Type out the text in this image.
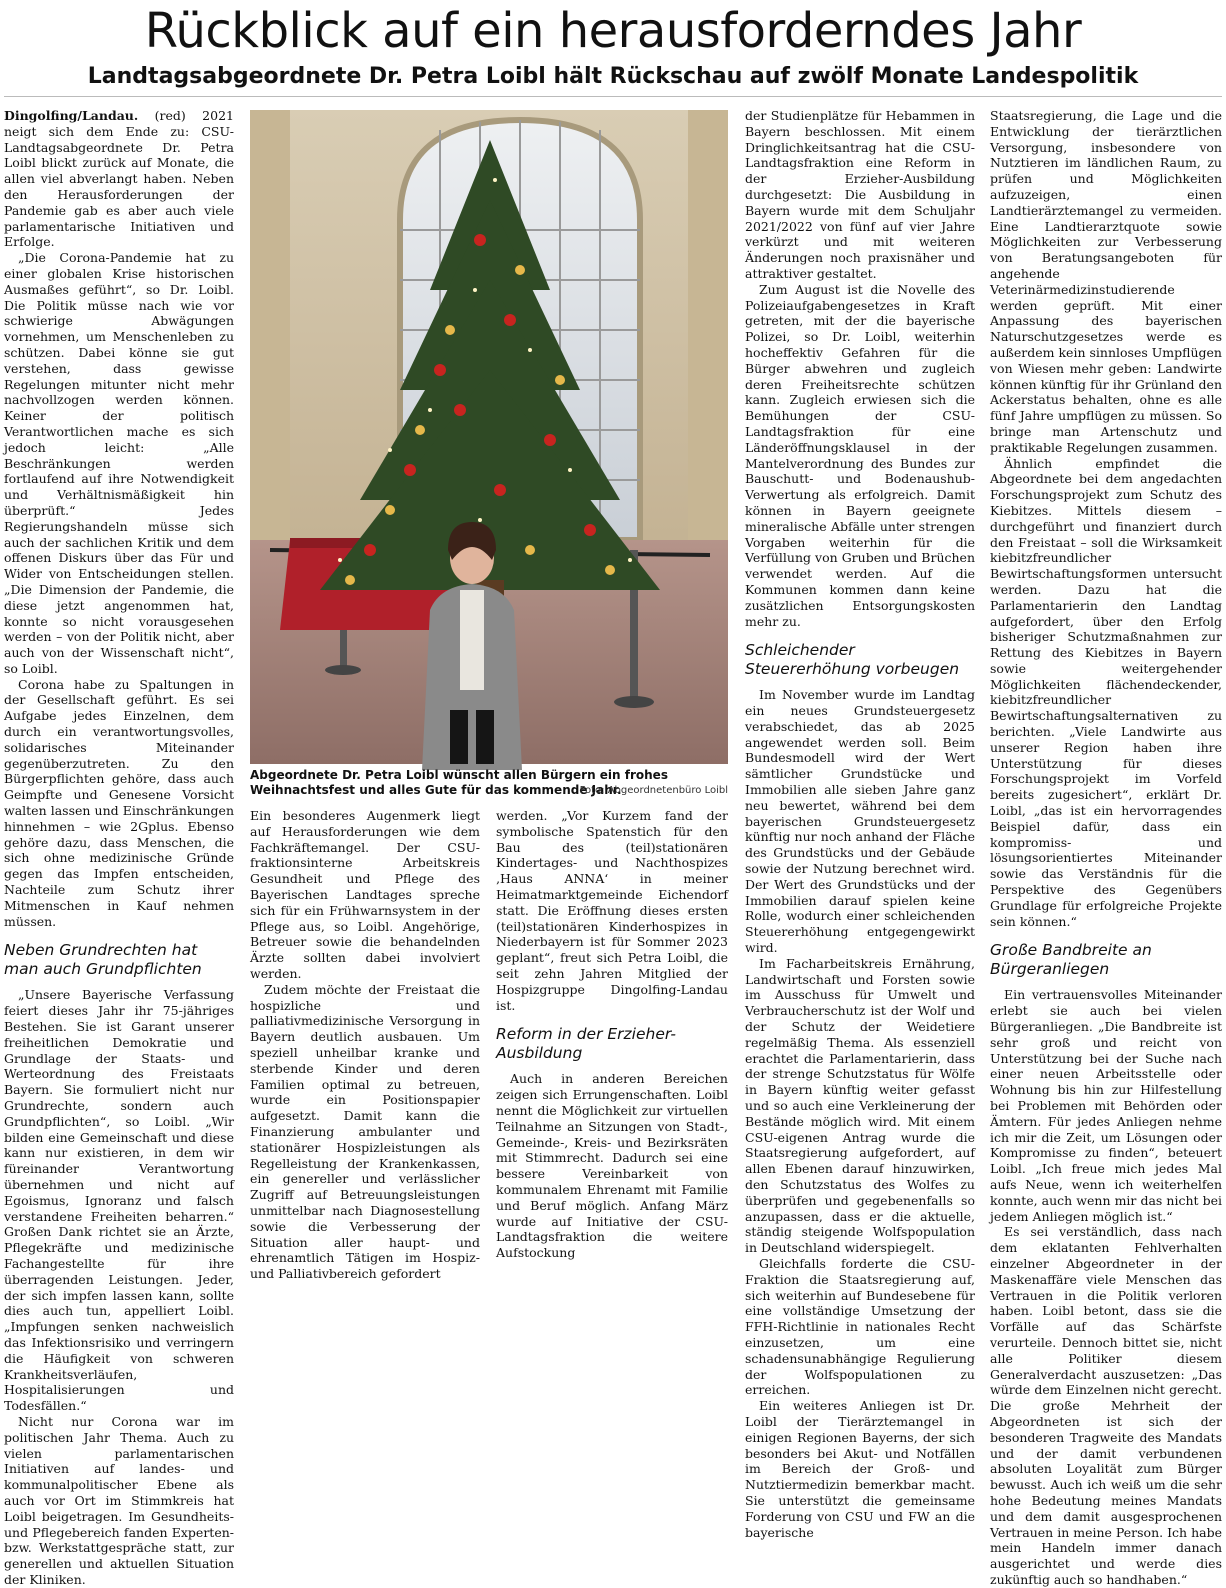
Rückblick auf ein herausforderndes Jahr
Landtagsabgeordnete Dr. Petra Loibl hält Rückschau auf zwölf Monate Landespolitik

Dingolfing/Landau. (red) 2021 neigt sich dem Ende zu: CSU-Landtagsabgeordnete Dr. Petra Loibl blickt zurück auf Monate, die allen viel abverlangt haben. Neben den Herausforderungen der Pandemie gab es aber auch viele parlamentarische Initiativen und Erfolge.

„Die Corona-Pandemie hat zu einer globalen Krise historischen Ausmaßes geführt“, so Dr. Loibl. Die Politik müsse nach wie vor schwierige Abwägungen vornehmen, um Menschenleben zu schützen. Dabei könne sie gut verstehen, dass gewisse Regelungen mitunter nicht mehr nachvollzogen werden können. Keiner der politisch Verantwortlichen mache es sich jedoch leicht: „Alle Beschränkungen werden fortlaufend auf ihre Notwendigkeit und Verhältnismäßigkeit hin überprüft.“ Jedes Regierungshandeln müsse sich auch der sachlichen Kritik und dem offenen Diskurs über das Für und Wider von Entscheidungen stellen. „Die Dimension der Pandemie, die diese jetzt angenommen hat, konnte so nicht vorausgesehen werden – von der Politik nicht, aber auch von der Wissenschaft nicht“, so Loibl.

Corona habe zu Spaltungen in der Gesellschaft geführt. Es sei Aufgabe jedes Einzelnen, dem durch ein verantwortungsvolles, solidarisches Miteinander gegenüberzutreten. Zu den Bürgerpflichten gehöre, dass auch Geimpfte und Genesene Vorsicht walten lassen und Einschränkungen hinnehmen – wie 2Gplus. Ebenso gehöre dazu, dass Menschen, die sich ohne medizinische Gründe gegen das Impfen entscheiden, Nachteile zum Schutz ihrer Mitmenschen in Kauf nehmen müssen.

Neben Grundrechten hat man auch Grundpflichten

„Unsere Bayerische Verfassung feiert dieses Jahr ihr 75-jähriges Bestehen. Sie ist Garant unserer freiheitlichen Demokratie und Grundlage der Staats- und Werteordnung des Freistaats Bayern. Sie formuliert nicht nur Grundrechte, sondern auch Grundpflichten“, so Loibl. „Wir bilden eine Gemeinschaft und diese kann nur existieren, in dem wir füreinander Verantwortung übernehmen und nicht auf Egoismus, Ignoranz und falsch verstandene Freiheiten beharren.“ Großen Dank richtet sie an Ärzte, Pflegekräfte und medizinische Fachangestellte für ihre überragenden Leistungen. Jeder, der sich impfen lassen kann, sollte dies auch tun, appelliert Loibl. „Impfungen senken nachweislich das Infektionsrisiko und verringern die Häufigkeit von schweren Krankheitsverläufen, Hospitalisierungen und Todesfällen.“

Nicht nur Corona war im politischen Jahr Thema. Auch zu vielen parlamentarischen Initiativen auf landes- und kommunalpolitischer Ebene als auch vor Ort im Stimmkreis hat Loibl beigetragen. Im Gesundheits- und Pflegebereich fanden Experten- bzw. Werkstattgespräche statt, zur generellen und aktuellen Situation der Kliniken.

Abgeordnete Dr. Petra Loibl wünscht allen Bürgern ein frohes Weihnachtsfest und alles Gute für das kommende Jahr.
Foto: Abgeordnetenbüro Loibl

Ein besonderes Augenmerk liegt auf Herausforderungen wie dem Fachkräftemangel. Der CSU-fraktionsinterne Arbeitskreis Gesundheit und Pflege des Bayerischen Landtages spreche sich für ein Frühwarnsystem in der Pflege aus, so Loibl. Angehörige, Betreuer sowie die behandelnden Ärzte sollten dabei involviert werden.

Zudem möchte der Freistaat die hospizliche und palliativmedizinische Versorgung in Bayern deutlich ausbauen. Um speziell unheilbar kranke und sterbende Kinder und deren Familien optimal zu betreuen, wurde ein Positionspapier aufgesetzt. Damit kann die Finanzierung ambulanter und stationärer Hospizleistungen als Regelleistung der Krankenkassen, ein genereller und verlässlicher Zugriff auf Betreuungsleistungen unmittelbar nach Diagnosestellung sowie die Verbesserung der Situation aller haupt- und ehrenamtlich Tätigen im Hospiz- und Palliativbereich gefordert

werden. „Vor Kurzem fand der symbolische Spatenstich für den Bau des (teil)stationären Kindertages- und Nachthospizes ‚Haus ANNA‘ in meiner Heimatmarktgemeinde Eichendorf statt. Die Eröffnung dieses ersten (teil)stationären Kinderhospizes in Niederbayern ist für Sommer 2023 geplant“, freut sich Petra Loibl, die seit zehn Jahren Mitglied der Hospizgruppe Dingolfing-Landau ist.

Reform in der Erzieher-Ausbildung

Auch in anderen Bereichen zeigen sich Errungenschaften. Loibl nennt die Möglichkeit zur virtuellen Teilnahme an Sitzungen von Stadt-, Gemeinde-, Kreis- und Bezirksräten mit Stimmrecht. Dadurch sei eine bessere Vereinbarkeit von kommunalem Ehrenamt mit Familie und Beruf möglich. Anfang März wurde auf Initiative der CSU-Landtagsfraktion die weitere Aufstockung

der Studienplätze für Hebammen in Bayern beschlossen. Mit einem Dringlichkeitsantrag hat die CSU-Landtagsfraktion eine Reform in der Erzieher-Ausbildung durchgesetzt: Die Ausbildung in Bayern wurde mit dem Schuljahr 2021/2022 von fünf auf vier Jahre verkürzt und mit weiteren Änderungen noch praxisnäher und attraktiver gestaltet.

Zum August ist die Novelle des Polizeiaufgabengesetzes in Kraft getreten, mit der die bayerische Polizei, so Dr. Loibl, weiterhin hocheffektiv Gefahren für die Bürger abwehren und zugleich deren Freiheitsrechte schützen kann. Zugleich erwiesen sich die Bemühungen der CSU-Landtagsfraktion für eine Länderöffnungsklausel in der Mantelverordnung des Bundes zur Bauschutt- und Bodenaushub-Verwertung als erfolgreich. Damit können in Bayern geeignete mineralische Abfälle unter strengen Vorgaben weiterhin für die Verfüllung von Gruben und Brüchen verwendet werden. Auf die Kommunen kommen dann keine zusätzlichen Entsorgungskosten mehr zu.

Schleichender Steuererhöhung vorbeugen

Im November wurde im Landtag ein neues Grundsteuergesetz verabschiedet, das ab 2025 angewendet werden soll. Beim Bundesmodell wird der Wert sämtlicher Grundstücke und Immobilien alle sieben Jahre ganz neu bewertet, während bei dem bayerischen Grundsteuergesetz künftig nur noch anhand der Fläche des Grundstücks und der Gebäude sowie der Nutzung berechnet wird. Der Wert des Grundstücks und der Immobilien darauf spielen keine Rolle, wodurch einer schleichenden Steuererhöhung entgegengewirkt wird.

Im Facharbeitskreis Ernährung, Landwirtschaft und Forsten sowie im Ausschuss für Umwelt und Verbraucherschutz ist der Wolf und der Schutz der Weidetiere regelmäßig Thema. Als essenziell erachtet die Parlamentarierin, dass der strenge Schutzstatus für Wölfe in Bayern künftig weiter gefasst und so auch eine Verkleinerung der Bestände möglich wird. Mit einem CSU-eigenen Antrag wurde die Staatsregierung aufgefordert, auf allen Ebenen darauf hinzuwirken, den Schutzstatus des Wolfes zu überprüfen und gegebenenfalls so anzupassen, dass er die aktuelle, ständig steigende Wolfspopulation in Deutschland widerspiegelt.

Gleichfalls forderte die CSU-Fraktion die Staatsregierung auf, sich weiterhin auf Bundesebene für eine vollständige Umsetzung der FFH-Richtlinie in nationales Recht einzusetzen, um eine schadensunabhängige Regulierung der Wolfspopulationen zu erreichen.

Ein weiteres Anliegen ist Dr. Loibl der Tierärztemangel in einigen Regionen Bayerns, der sich besonders bei Akut- und Notfällen im Bereich der Groß- und Nutztiermedizin bemerkbar macht. Sie unterstützt die gemeinsame Forderung von CSU und FW an die bayerische

Staatsregierung, die Lage und die Entwicklung der tierärztlichen Versorgung, insbesondere von Nutztieren im ländlichen Raum, zu prüfen und Möglichkeiten aufzuzeigen, einen Landtierärztemangel zu vermeiden. Eine Landtierarztquote sowie Möglichkeiten zur Verbesserung von Beratungsangeboten für angehende Veterinärmedizinstudierende werden geprüft. Mit einer Anpassung des bayerischen Naturschutzgesetzes werde es außerdem kein sinnloses Umpflügen von Wiesen mehr geben: Landwirte können künftig für ihr Grünland den Ackerstatus behalten, ohne es alle fünf Jahre umpflügen zu müssen. So bringe man Artenschutz und praktikable Regelungen zusammen.

Ähnlich empfindet die Abgeordnete bei dem angedachten Forschungsprojekt zum Schutz des Kiebitzes. Mittels diesem – durchgeführt und finanziert durch den Freistaat – soll die Wirksamkeit kiebitzfreundlicher Bewirtschaftungsformen untersucht werden. Dazu hat die Parlamentarierin den Landtag aufgefordert, über den Erfolg bisheriger Schutzmaßnahmen zur Rettung des Kiebitzes in Bayern sowie weitergehender Möglichkeiten flächendeckender, kiebitzfreundlicher Bewirtschaftungsalternativen zu berichten. „Viele Landwirte aus unserer Region haben ihre Unterstützung für dieses Forschungsprojekt im Vorfeld bereits zugesichert“, erklärt Dr. Loibl, „das ist ein hervorragendes Beispiel dafür, dass ein kompromiss- und lösungsorientiertes Miteinander sowie das Verständnis für die Perspektive des Gegenübers Grundlage für erfolgreiche Projekte sein können.“

Große Bandbreite an Bürgeranliegen

Ein vertrauensvolles Miteinander erlebt sie auch bei vielen Bürgeranliegen. „Die Bandbreite ist sehr groß und reicht von Unterstützung bei der Suche nach einer neuen Arbeitsstelle oder Wohnung bis hin zur Hilfestellung bei Problemen mit Behörden oder Ämtern. Für jedes Anliegen nehme ich mir die Zeit, um Lösungen oder Kompromisse zu finden“, beteuert Loibl. „Ich freue mich jedes Mal aufs Neue, wenn ich weiterhelfen konnte, auch wenn mir das nicht bei jedem Anliegen möglich ist.“

Es sei verständlich, dass nach dem eklatanten Fehlverhalten einzelner Abgeordneter in der Maskenaffäre viele Menschen das Vertrauen in die Politik verloren haben. Loibl betont, dass sie die Vorfälle auf das Schärfste verurteile. Dennoch bittet sie, nicht alle Politiker diesem Generalverdacht auszusetzen: „Das würde dem Einzelnen nicht gerecht. Die große Mehrheit der Abgeordneten ist sich der besonderen Tragweite des Mandats und der damit verbundenen absoluten Loyalität zum Bürger bewusst. Auch ich weiß um die sehr hohe Bedeutung meines Mandats und dem damit ausgesprochenen Vertrauen in meine Person. Ich habe mein Handeln immer danach ausgerichtet und werde dies zukünftig auch so handhaben.“
